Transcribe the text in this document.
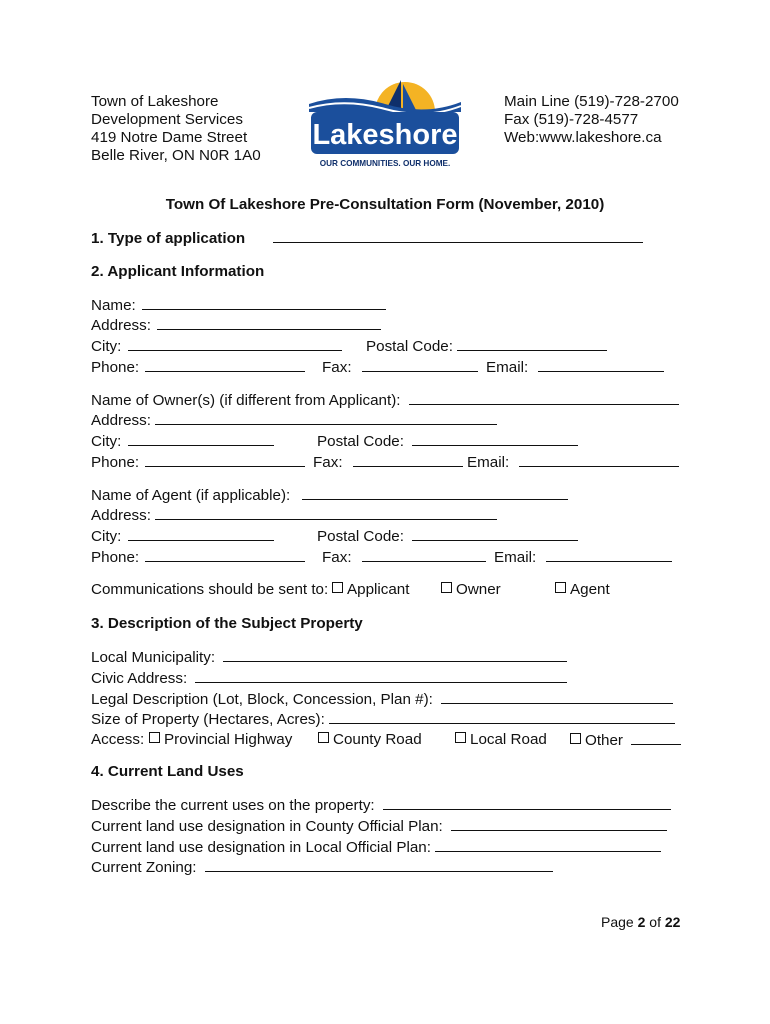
Town of Lakeshore
Development Services
419 Notre Dame Street
Belle River, ON N0R 1A0
Lakeshore
OUR COMMUNITIES. OUR HOME.
Main Line (519)-728-2700
Fax (519)-728-4577
Web:www.lakeshore.ca
Town Of Lakeshore Pre-Consultation Form (November, 2010)
1. Type of application
2. Applicant Information
Name:
Address:
City:	Postal Code:
Phone:	Fax:	Email:
Name of Owner(s) (if different from Applicant):
Address:
City:	Postal Code:
Phone:	Fax:	Email:
Name of Agent (if applicable):
Address:
City:	Postal Code:
Phone:	Fax:	Email:
Communications should be sent to:	Applicant	Owner	Agent
3. Description of the Subject Property
Local Municipality:
Civic Address:
Legal Description (Lot, Block, Concession, Plan #):
Size of Property (Hectares, Acres):
Access:	Provincial Highway	County Road	Local Road	Other
4. Current Land Uses
Describe the current uses on the property:
Current land use designation in County Official Plan:
Current land use designation in Local Official Plan:
Current Zoning:
Page 2 of 22
